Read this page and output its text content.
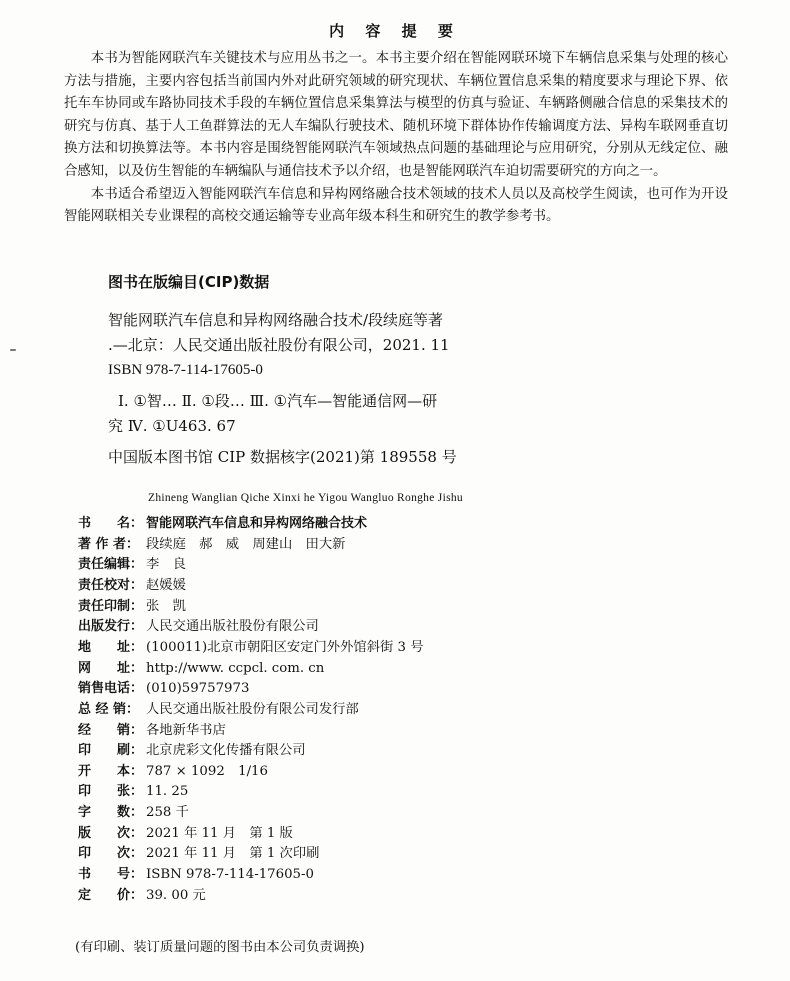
内 容 提 要

本书为智能网联汽车关键技术与应用丛书之一。本书主要介绍在智能网联环境下车辆信息采集与处理的核心方法与措施，主要内容包括当前国内外对此研究领域的研究现状、车辆位置信息采集的精度要求与理论下界、依托车车协同或车路协同技术手段的车辆位置信息采集算法与模型的仿真与验证、车辆路侧融合信息的采集技术的研究与仿真、基于人工鱼群算法的无人车编队行驶技术、随机环境下群体协作传输调度方法、异构车联网垂直切换方法和切换算法等。本书内容是围绕智能网联汽车领域热点问题的基础理论与应用研究，分别从无线定位、融合感知，以及仿生智能的车辆编队与通信技术予以介绍，也是智能网联汽车迫切需要研究的方向之一。

本书适合希望迈入智能网联汽车信息和异构网络融合技术领域的技术人员以及高校学生阅读，也可作为开设智能网联相关专业课程的高校交通运输等专业高年级本科生和研究生的教学参考书。

图书在版编目(CIP)数据
智能网联汽车信息和异构网络融合技术/段续庭等著
.—北京：人民交通出版社股份有限公司，2021. 11
ISBN 978-7-114-17605-0
Ⅰ. ①智… Ⅱ. ①段… Ⅲ. ①汽车—智能通信网—研
究 Ⅳ. ①U463. 67
中国版本图书馆 CIP 数据核字(2021)第 189558 号
Zhineng Wanglian Qiche Xinxi he Yigou Wangluo Ronghe Jishu
书　　名： 智能网联汽车信息和异构网络融合技术
著 作 者： 段续庭　郝　威　周建山　田大新
责任编辑： 李　良
责任校对： 赵媛媛
责任印制： 张　凯
出版发行： 人民交通出版社股份有限公司
地　　址： (100011)北京市朝阳区安定门外外馆斜街 3 号
网　　址： http://www. ccpcl. com. cn
销售电话： (010)59757973
总 经 销： 人民交通出版社股份有限公司发行部
经　　销： 各地新华书店
印　　刷： 北京虎彩文化传播有限公司
开　　本： 787 × 1092　1/16
印　　张： 11. 25
字　　数： 258 千
版　　次： 2021 年 11 月　第 1 版
印　　次： 2021 年 11 月　第 1 次印刷
书　　号： ISBN 978-7-114-17605-0
定　　价： 39. 00 元
(有印刷、装订质量问题的图书由本公司负责调换)
